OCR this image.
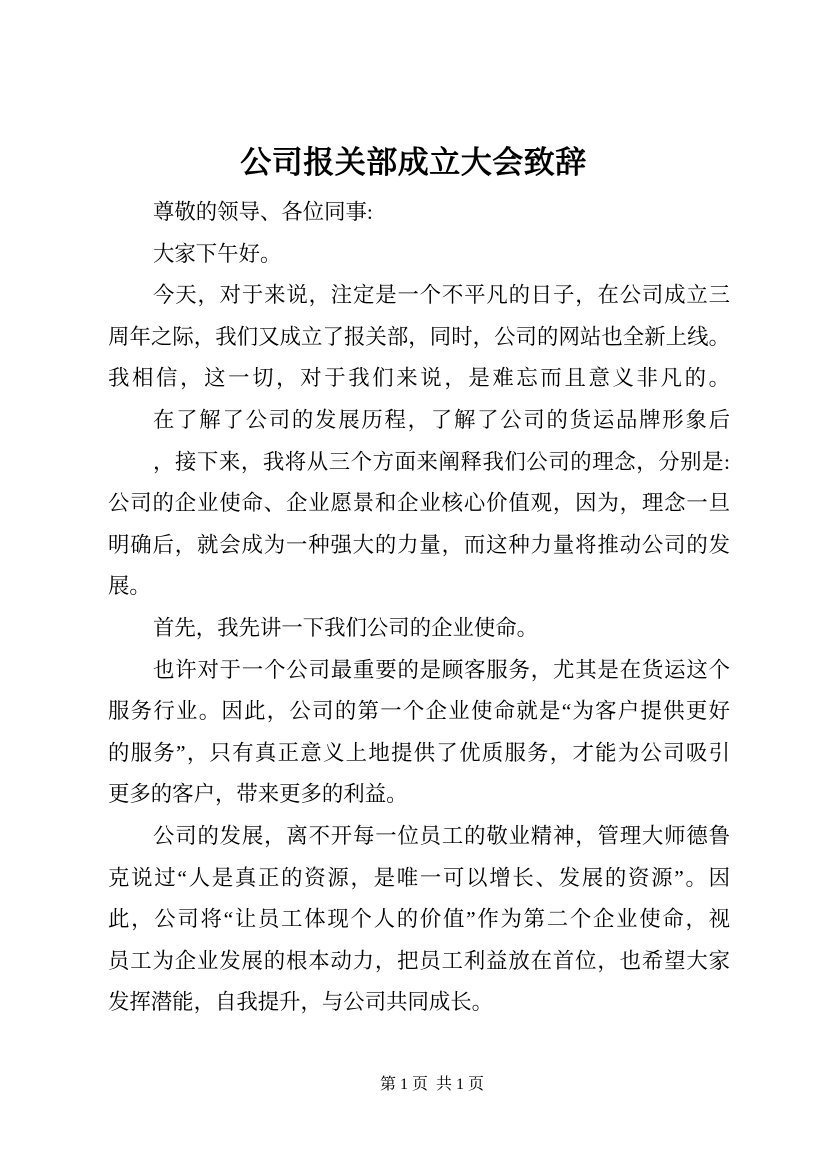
公司报关部成立大会致辞
尊敬的领导、各位同事:
大家下午好。
今天，对于来说，注定是一个不平凡的日子，在公司成立三
周年之际，我们又成立了报关部，同时，公司的网站也全新上线。
我相信，这一切，对于我们来说，是难忘而且意义非凡的。
在了解了公司的发展历程，了解了公司的货运品牌形象后
，接下来，我将从三个方面来阐释我们公司的理念，分别是:
公司的企业使命、企业愿景和企业核心价值观，因为，理念一旦
明确后，就会成为一种强大的力量，而这种力量将推动公司的发
展。
首先，我先讲一下我们公司的企业使命。
也许对于一个公司最重要的是顾客服务，尤其是在货运这个
服务行业。因此，公司的第一个企业使命就是“为客户提供更好
的服务”，只有真正意义上地提供了优质服务，才能为公司吸引
更多的客户，带来更多的利益。
公司的发展，离不开每一位员工的敬业精神，管理大师德鲁
克说过“人是真正的资源，是唯一可以增长、发展的资源”。因
此，公司将“让员工体现个人的价值”作为第二个企业使命，视
员工为企业发展的根本动力，把员工利益放在首位，也希望大家
发挥潜能，自我提升，与公司共同成长。
第 1 页  共 1 页
